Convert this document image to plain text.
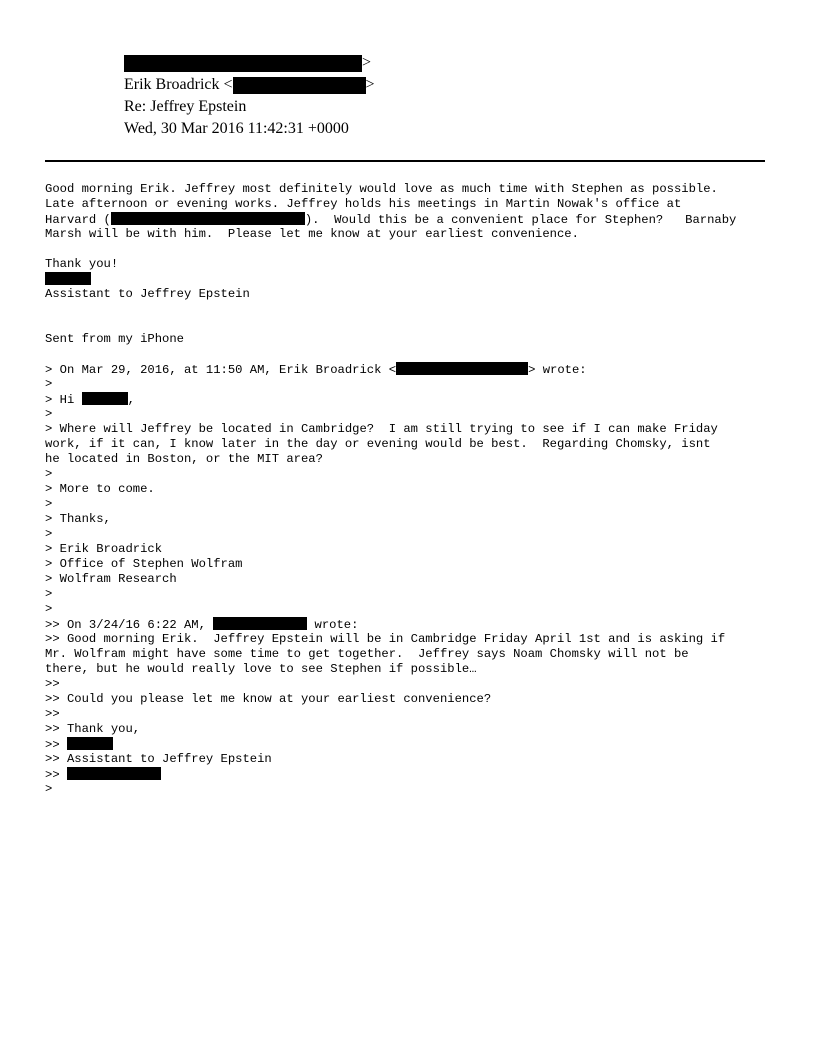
>
Erik Broadrick <	>
Re: Jeffrey Epstein
Wed, 30 Mar 2016 11:42:31 +0000
Good morning Erik. Jeffrey most definitely would love as much time with Stephen as possible.
Late afternoon or evening works. Jeffrey holds his meetings in Martin Nowak's office at
Harvard (	).  Would this be a convenient place for Stephen?   Barnaby
Marsh will be with him.  Please let me know at your earliest convenience.
Thank you!
Assistant to Jeffrey Epstein
Sent from my iPhone
> On Mar 29, 2016, at 11:50 AM, Erik Broadrick <	> wrote:
>
> Hi	,
>
> Where will Jeffrey be located in Cambridge?  I am still trying to see if I can make Friday
work, if it can, I know later in the day or evening would be best.  Regarding Chomsky, isnt
he located in Boston, or the MIT area?
>
> More to come.
>
> Thanks,
>
> Erik Broadrick
> Office of Stephen Wolfram
> Wolfram Research
>
>
>> On 3/24/16 6:22 AM,	wrote:
>> Good morning Erik.  Jeffrey Epstein will be in Cambridge Friday April 1st and is asking if
Mr. Wolfram might have some time to get together.  Jeffrey says Noam Chomsky will not be
there, but he would really love to see Stephen if possible…
>>
>> Could you please let me know at your earliest convenience?
>>
>> Thank you,
>>
>> Assistant to Jeffrey Epstein
>>
>
